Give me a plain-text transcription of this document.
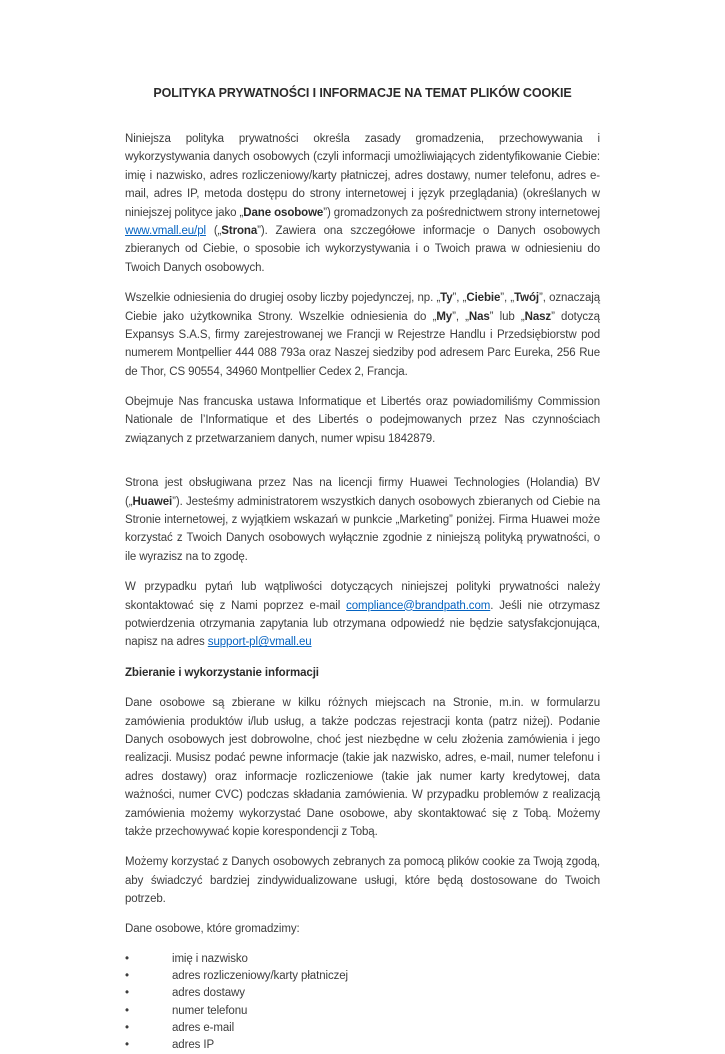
POLITYKA PRYWATNOŚCI I INFORMACJE NA TEMAT PLIKÓW COOKIE

Niniejsza polityka prywatności określa zasady gromadzenia, przechowywania i wykorzystywania danych osobowych (czyli informacji umożliwiających zidentyfikowanie Ciebie: imię i nazwisko, adres rozliczeniowy/karty płatniczej, adres dostawy, numer telefonu, adres e-mail, adres IP, metoda dostępu do strony internetowej i język przeglądania) (określanych w niniejszej polityce jako „Dane osobowe”) gromadzonych za pośrednictwem strony internetowej www.vmall.eu/pl („Strona”). Zawiera ona szczegółowe informacje o Danych osobowych zbieranych od Ciebie, o sposobie ich wykorzystywania i o Twoich prawa w odniesieniu do Twoich Danych osobowych.

Wszelkie odniesienia do drugiej osoby liczby pojedynczej, np. „Ty”, „Ciebie”, „Twój”, oznaczają Ciebie jako użytkownika Strony. Wszelkie odniesienia do „My”, „Nas” lub „Nasz” dotyczą Expansys S.A.S, firmy zarejestrowanej we Francji w Rejestrze Handlu i Przedsiębiorstw pod numerem Montpellier 444 088 793a oraz Naszej siedziby pod adresem Parc Eureka, 256 Rue de Thor, CS 90554, 34960 Montpellier Cedex 2, Francja.

Obejmuje Nas francuska ustawa Informatique et Libertés oraz powiadomiliśmy Commission Nationale de l’Informatique et des Libertés o podejmowanych przez Nas czynnościach związanych z przetwarzaniem danych, numer wpisu 1842879.

Strona jest obsługiwana przez Nas na licencji firmy Huawei Technologies (Holandia) BV („Huawei”). Jesteśmy administratorem wszystkich danych osobowych zbieranych od Ciebie na Stronie internetowej, z wyjątkiem wskazań w punkcie „Marketing” poniżej. Firma Huawei może korzystać z Twoich Danych osobowych wyłącznie zgodnie z niniejszą polityką prywatności, o ile wyrazisz na to zgodę.

W przypadku pytań lub wątpliwości dotyczących niniejszej polityki prywatności należy skontaktować się z Nami poprzez e-mail compliance@brandpath.com. Jeśli nie otrzymasz potwierdzenia otrzymania zapytania lub otrzymana odpowiedź nie będzie satysfakcjonująca, napisz na adres support-pl@vmall.eu

Zbieranie i wykorzystanie informacji

Dane osobowe są zbierane w kilku różnych miejscach na Stronie, m.in. w formularzu zamówienia produktów i/lub usług, a także podczas rejestracji konta (patrz niżej). Podanie Danych osobowych jest dobrowolne, choć jest niezbędne w celu złożenia zamówienia i jego realizacji. Musisz podać pewne informacje (takie jak nazwisko, adres, e-mail, numer telefonu i adres dostawy) oraz informacje rozliczeniowe (takie jak numer karty kredytowej, data ważności, numer CVC) podczas składania zamówienia. W przypadku problemów z realizacją zamówienia możemy wykorzystać Dane osobowe, aby skontaktować się z Tobą. Możemy także przechowywać kopie korespondencji z Tobą.

Możemy korzystać z Danych osobowych zebranych za pomocą plików cookie za Twoją zgodą, aby świadczyć bardziej zindywidualizowane usługi, które będą dostosowane do Twoich potrzeb.

Dane osobowe, które gromadzimy:

•	imię i nazwisko
•	adres rozliczeniowy/karty płatniczej
•	adres dostawy
•	numer telefonu
•	adres e-mail
•	adres IP
